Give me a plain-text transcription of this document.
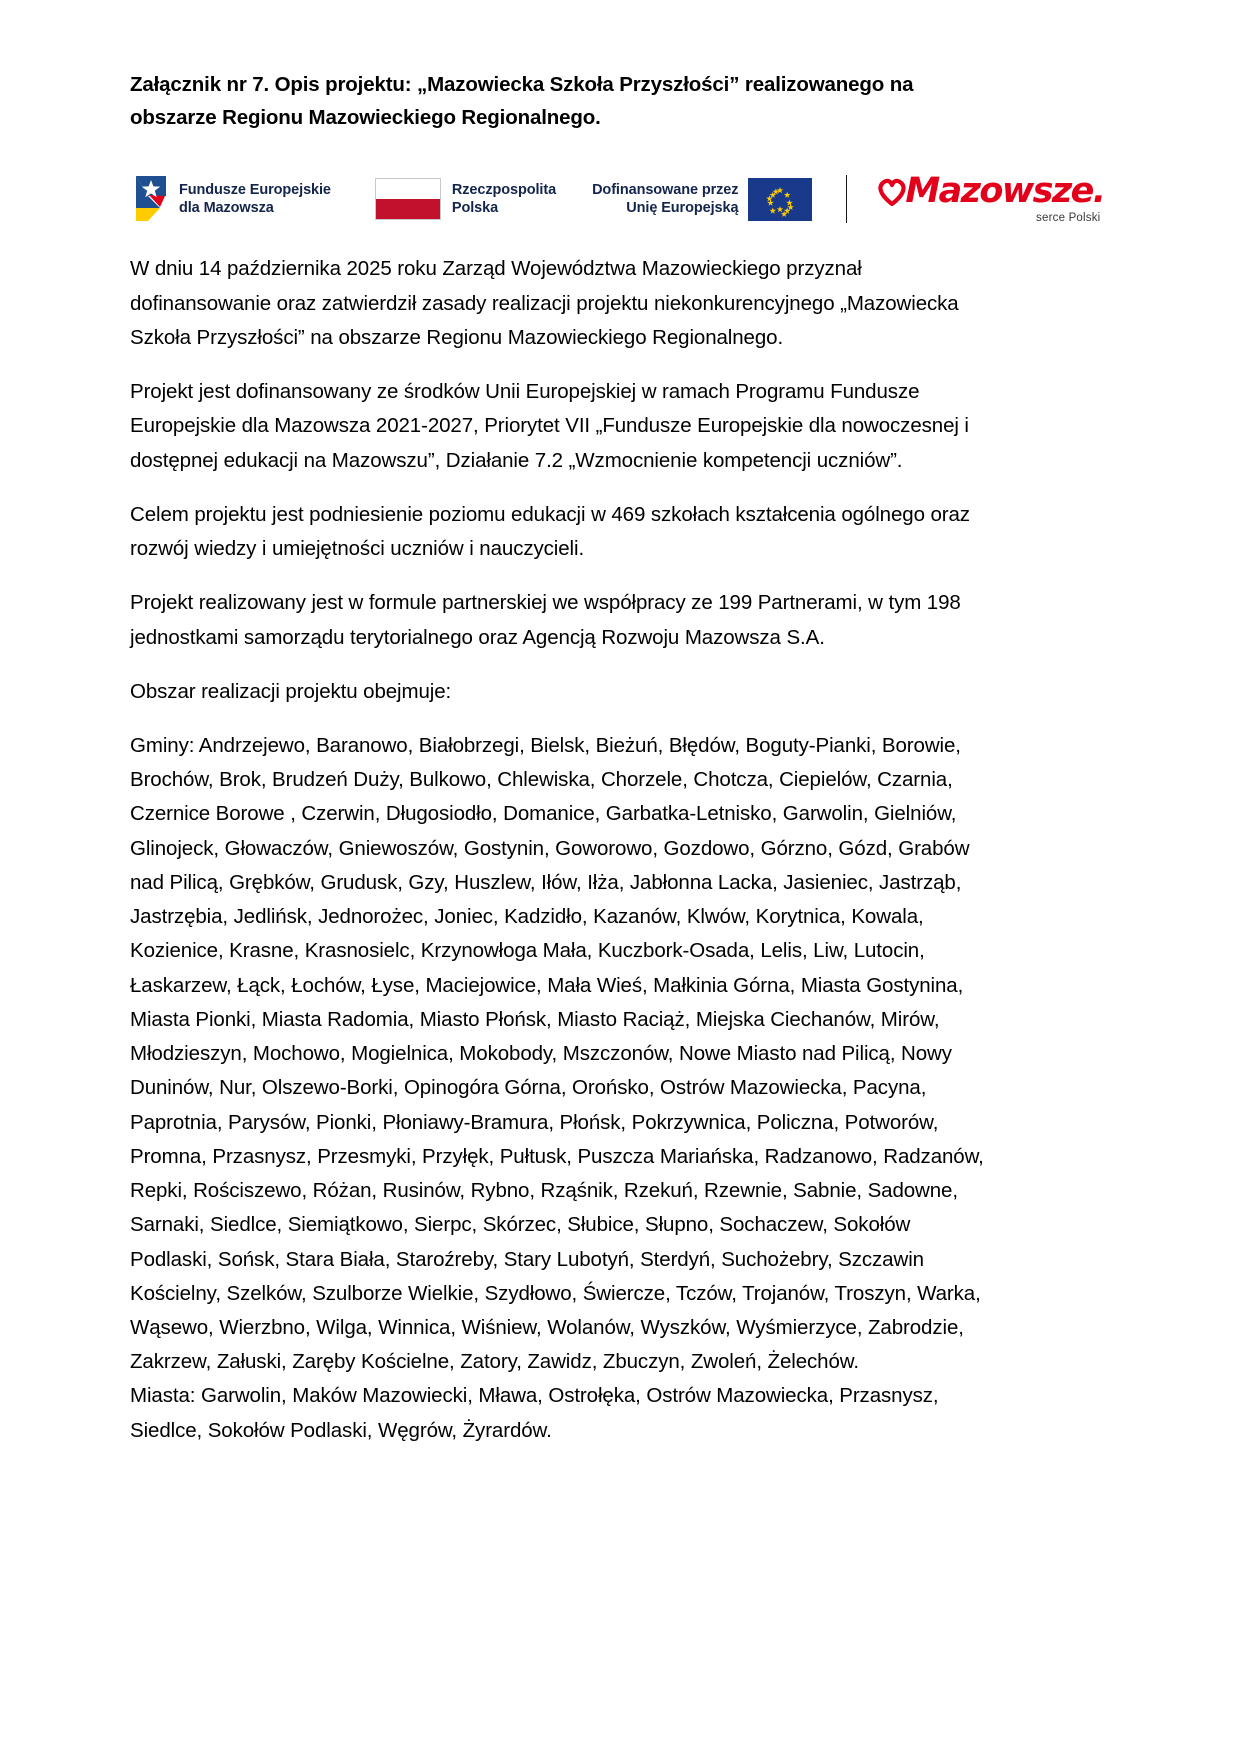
Załącznik nr 7. Opis projektu: „Mazowiecka Szkoła Przyszłości” realizowanego na obszarze Regionu Mazowieckiego Regionalnego.
Fundusze Europejskie
dla Mazowsza
Rzeczpospolita
Polska
Dofinansowane przez
Unię Europejską	Mazowsze.
serce Polski

W dniu 14 października 2025 roku Zarząd Województwa Mazowieckiego przyznał dofinansowanie oraz zatwierdził zasady realizacji projektu niekonkurencyjnego „Mazowiecka Szkoła Przyszłości” na obszarze Regionu Mazowieckiego Regionalnego.

Projekt jest dofinansowany ze środków Unii Europejskiej w ramach Programu Fundusze Europejskie dla Mazowsza 2021-2027, Priorytet VII „Fundusze Europejskie dla nowoczesnej i dostępnej edukacji na Mazowszu”, Działanie 7.2 „Wzmocnienie kompetencji uczniów”.

Celem projektu jest podniesienie poziomu edukacji w 469 szkołach kształcenia ogólnego oraz rozwój wiedzy i umiejętności uczniów i nauczycieli.

Projekt realizowany jest w formule partnerskiej we współpracy ze 199 Partnerami, w tym 198 jednostkami samorządu terytorialnego oraz Agencją Rozwoju Mazowsza S.A.

Obszar realizacji projektu obejmuje:

Gminy: Andrzejewo, Baranowo, Białobrzegi, Bielsk, Bieżuń, Błędów, Boguty-Pianki, Borowie, Brochów, Brok, Brudzeń Duży, Bulkowo, Chlewiska, Chorzele, Chotcza, Ciepielów, Czarnia, Czernice Borowe , Czerwin, Długosiodło, Domanice, Garbatka-Letnisko, Garwolin, Gielniów, Glinojeck, Głowaczów, Gniewoszów, Gostynin, Goworowo, Gozdowo, Górzno, Gózd, Grabów nad Pilicą, Grębków, Grudusk, Gzy, Huszlew, Iłów, Iłża, Jabłonna Lacka, Jasieniec, Jastrząb, Jastrzębia, Jedlińsk, Jednorożec, Joniec, Kadzidło, Kazanów, Klwów, Korytnica, Kowala, Kozienice, Krasne, Krasnosielc, Krzynowłoga Mała, Kuczbork-Osada, Lelis, Liw, Lutocin, Łaskarzew, Łąck, Łochów, Łyse, Maciejowice, Mała Wieś, Małkinia Górna, Miasta Gostynina, Miasta Pionki, Miasta Radomia, Miasto Płońsk, Miasto Raciąż, Miejska Ciechanów, Mirów, Młodzieszyn, Mochowo, Mogielnica, Mokobody, Mszczonów, Nowe Miasto nad Pilicą, Nowy Duninów, Nur, Olszewo-Borki, Opinogóra Górna, Orońsko, Ostrów Mazowiecka, Pacyna, Paprotnia, Parysów, Pionki, Płoniawy-Bramura, Płońsk, Pokrzywnica, Policzna, Potworów, Promna, Przasnysz, Przesmyki, Przyłęk, Pułtusk, Puszcza Mariańska, Radzanowo, Radzanów, Repki, Rościszewo, Różan, Rusinów, Rybno, Rząśnik, Rzekuń, Rzewnie, Sabnie, Sadowne, Sarnaki, Siedlce, Siemiątkowo, Sierpc, Skórzec, Słubice, Słupno, Sochaczew, Sokołów Podlaski, Sońsk, Stara Biała, Staroźreby, Stary Lubotyń, Sterdyń, Suchożebry, Szczawin Kościelny, Szelków, Szulborze Wielkie, Szydłowo, Świercze, Tczów, Trojanów, Troszyn, Warka, Wąsewo, Wierzbno, Wilga, Winnica, Wiśniew, Wolanów, Wyszków, Wyśmierzyce, Zabrodzie, Zakrzew, Załuski, Zaręby Kościelne, Zatory, Zawidz, Zbuczyn, Zwoleń, Żelechów.

Miasta: Garwolin, Maków Mazowiecki, Mława, Ostrołęka, Ostrów Mazowiecka, Przasnysz, Siedlce, Sokołów Podlaski, Węgrów, Żyrardów.
